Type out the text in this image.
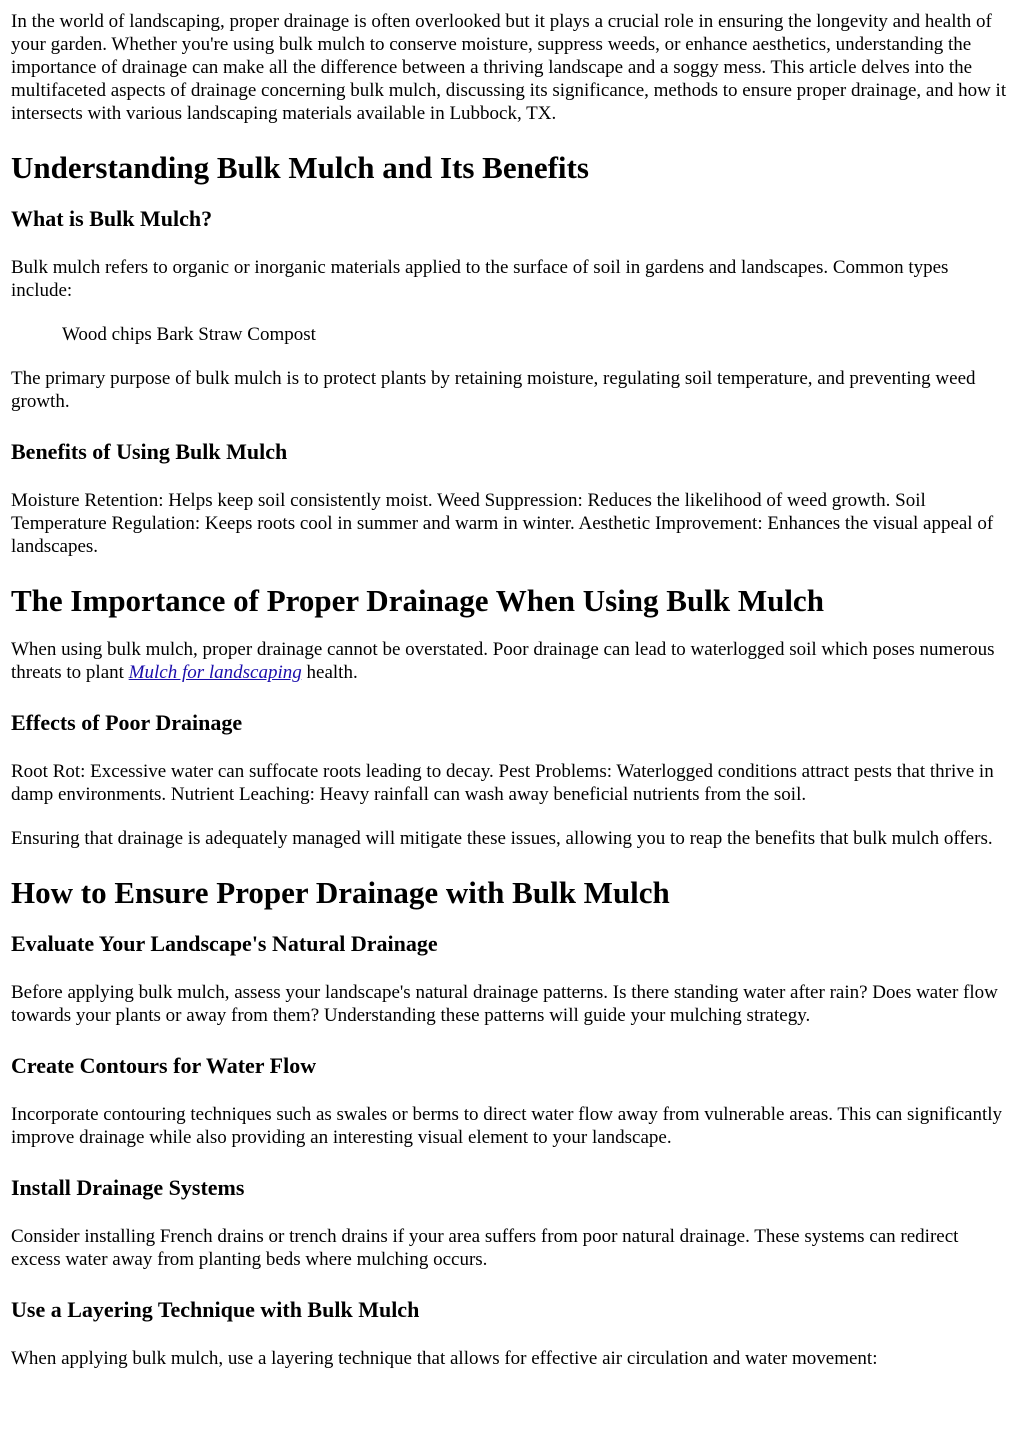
In the world of landscaping, proper drainage is often overlooked but it plays a crucial role in ensuring the longevity and health of your garden. Whether you're using bulk mulch to conserve moisture, suppress weeds, or enhance aesthetics, understanding the importance of drainage can make all the difference between a thriving landscape and a soggy mess. This article delves into the multifaceted aspects of drainage concerning bulk mulch, discussing its significance, methods to ensure proper drainage, and how it intersects with various landscaping materials available in Lubbock, TX.

Understanding Bulk Mulch and Its Benefits
What is Bulk Mulch?

Bulk mulch refers to organic or inorganic materials applied to the surface of soil in gardens and landscapes. Common types include:

Wood chips Bark Straw Compost

The primary purpose of bulk mulch is to protect plants by retaining moisture, regulating soil temperature, and preventing weed growth.

Benefits of Using Bulk Mulch

Moisture Retention: Helps keep soil consistently moist. Weed Suppression: Reduces the likelihood of weed growth. Soil Temperature Regulation: Keeps roots cool in summer and warm in winter. Aesthetic Improvement: Enhances the visual appeal of landscapes.

The Importance of Proper Drainage When Using Bulk Mulch

When using bulk mulch, proper drainage cannot be overstated. Poor drainage can lead to waterlogged soil which poses numerous threats to plant Mulch for landscaping health.

Effects of Poor Drainage

Root Rot: Excessive water can suffocate roots leading to decay. Pest Problems: Waterlogged conditions attract pests that thrive in damp environments. Nutrient Leaching: Heavy rainfall can wash away beneficial nutrients from the soil.

Ensuring that drainage is adequately managed will mitigate these issues, allowing you to reap the benefits that bulk mulch offers.

How to Ensure Proper Drainage with Bulk Mulch
Evaluate Your Landscape's Natural Drainage

Before applying bulk mulch, assess your landscape's natural drainage patterns. Is there standing water after rain? Does water flow towards your plants or away from them? Understanding these patterns will guide your mulching strategy.

Create Contours for Water Flow

Incorporate contouring techniques such as swales or berms to direct water flow away from vulnerable areas. This can significantly improve drainage while also providing an interesting visual element to your landscape.

Install Drainage Systems

Consider installing French drains or trench drains if your area suffers from poor natural drainage. These systems can redirect excess water away from planting beds where mulching occurs.

Use a Layering Technique with Bulk Mulch

When applying bulk mulch, use a layering technique that allows for effective air circulation and water movement:
